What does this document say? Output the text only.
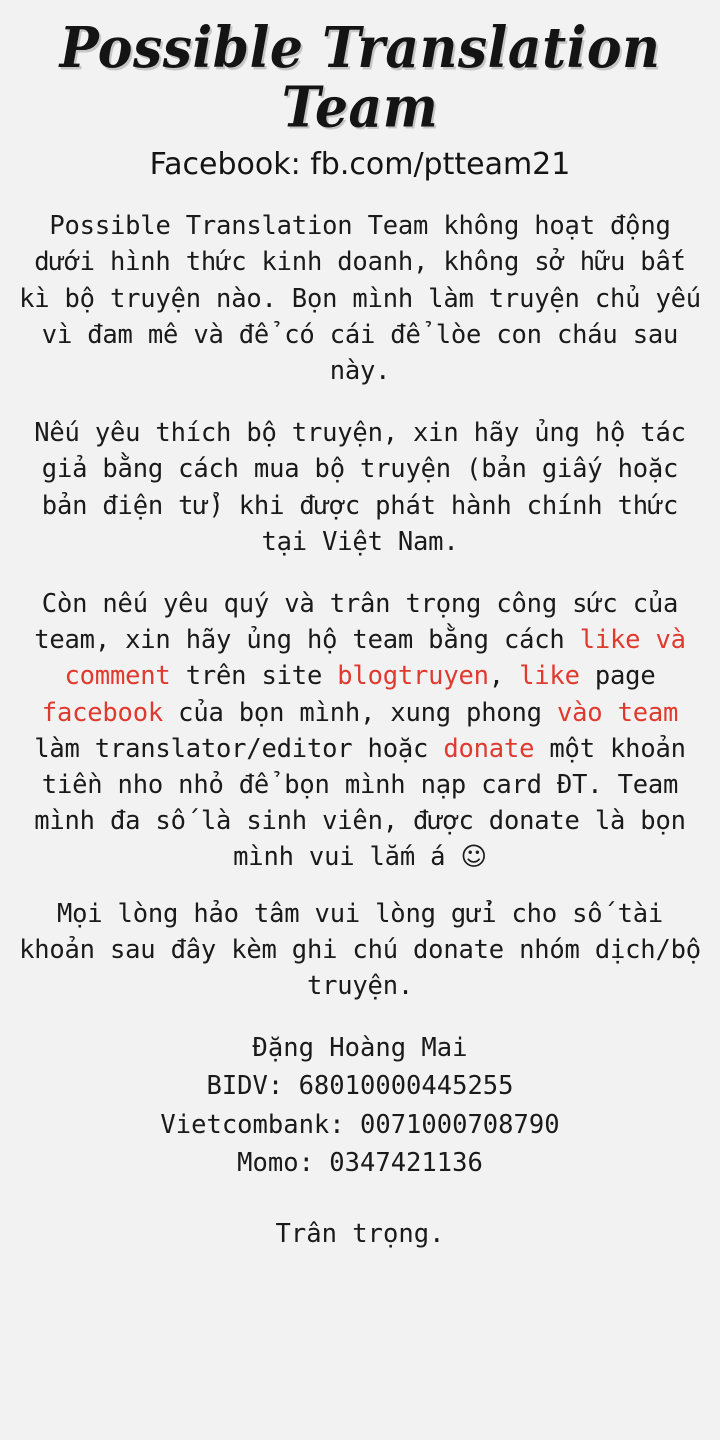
Possible Translation Team
Facebook: fb.com/ptteam21

Possible Translation Team không hoạt động dưới hình thức kinh doanh, không sở hữu bất kì bộ truyện nào. Bọn mình làm truyện chủ yếu vì đam mê và để có cái để lòe con cháu sau này.

Nếu yêu thích bộ truyện, xin hãy ủng hộ tác giả bằng cách mua bộ truyện (bản giấy hoặc bản điện tử) khi được phát hành chính thức tại Việt Nam.

Còn nếu yêu quý và trân trọng công sức của team, xin hãy ủng hộ team bằng cách like và comment trên site blogtruyen, like page facebook của bọn mình, xung phong vào team làm translator/editor hoặc donate một khoản tiền nho nhỏ để bọn mình nạp card ĐT. Team mình đa số là sinh viên, được donate là bọn mình vui lắm á ☺

Mọi lòng hảo tâm vui lòng gửi cho số tài khoản sau đây kèm ghi chú donate nhóm dịch/bộ truyện.

Đặng Hoàng Mai
BIDV: 68010000445255
Vietcombank: 0071000708790
Momo: 0347421136
Trân trọng.
